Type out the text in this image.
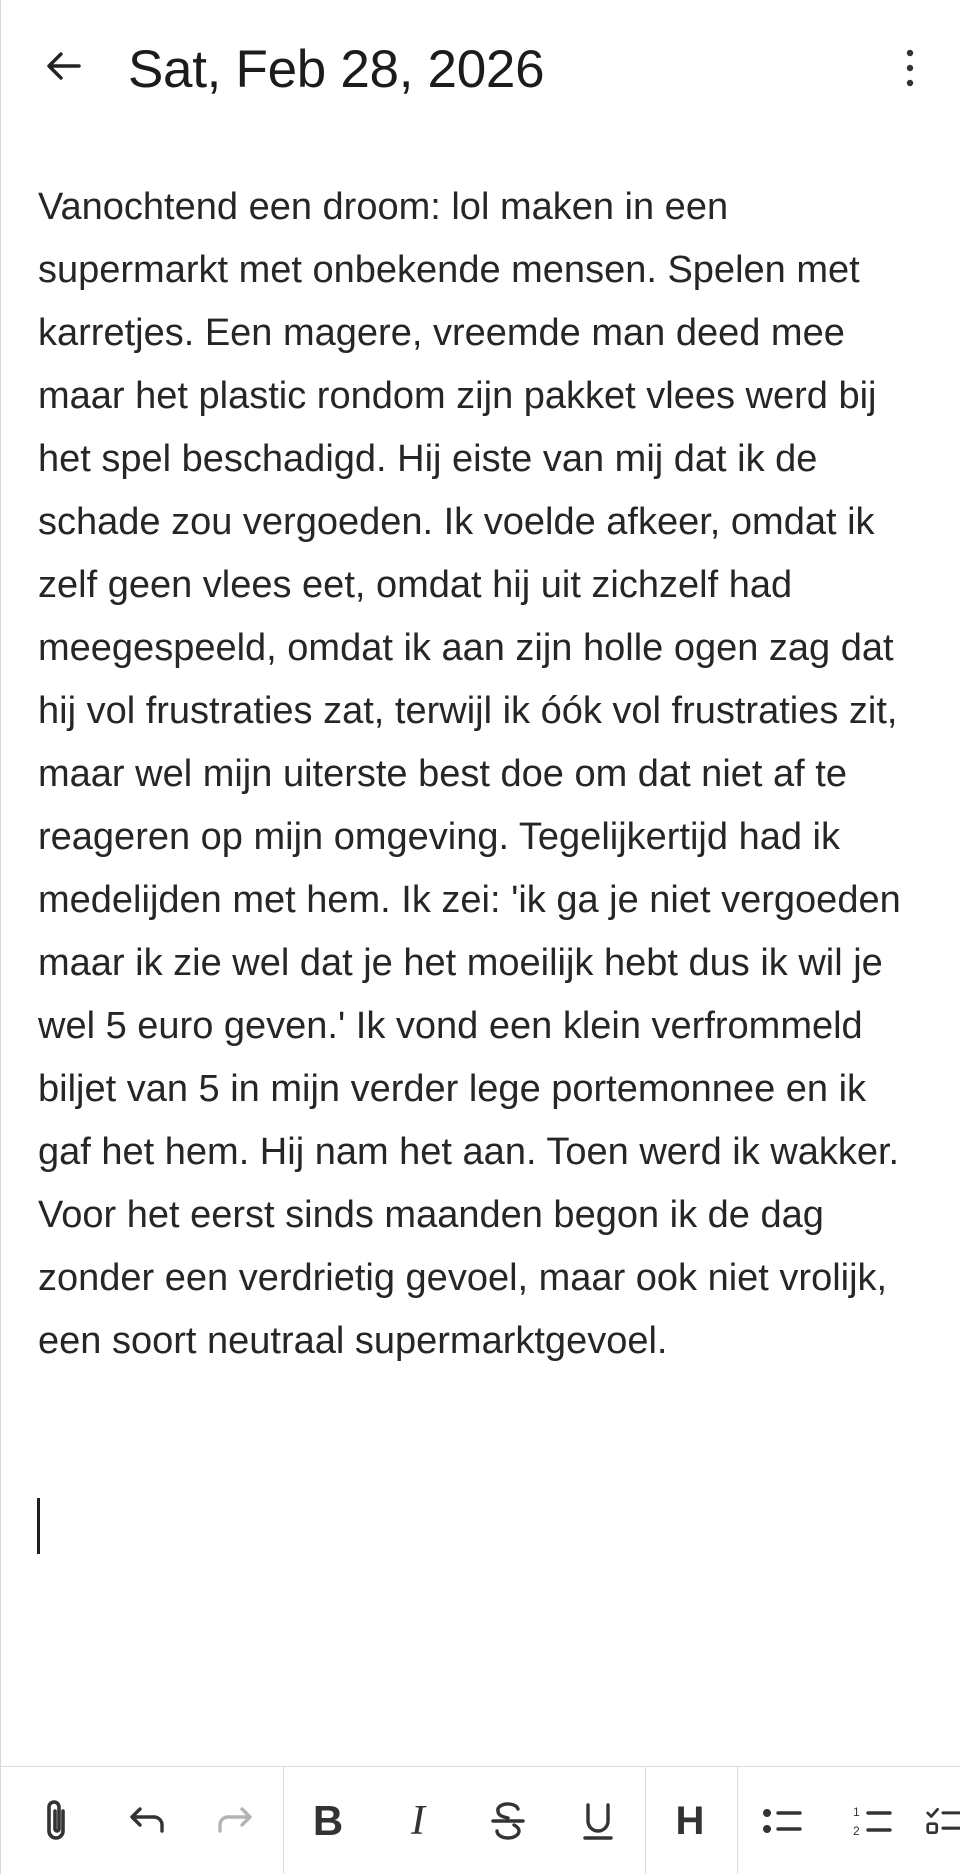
Sat, Feb 28, 2026

Vanochtend een droom: lol maken in een supermarkt met onbekende mensen. Spelen met karretjes. Een magere, vreemde man deed mee maar het plastic rondom zijn pakket vlees werd bij het spel beschadigd. Hij eiste van mij dat ik de schade zou vergoeden. Ik voelde afkeer, omdat ik zelf geen vlees eet, omdat hij uit zichzelf had meegespeeld, omdat ik aan zijn holle ogen zag dat hij vol frustraties zat, terwijl ik óók vol frustraties zit, maar wel mijn uiterste best doe om dat niet af te reageren op mijn omgeving. Tegelijkertijd had ik medelijden met hem. Ik zei: 'ik ga je niet vergoeden maar ik zie wel dat je het moeilijk hebt dus ik wil je wel 5 euro geven.' Ik vond een klein verfrommeld biljet van 5 in mijn verder lege portemonnee en ik gaf het hem. Hij nam het aan. Toen werd ik wakker. Voor het eerst sinds maanden begon ik de dag zonder een verdrietig gevoel, maar ook niet vrolijk, een soort neutraal supermarktgevoel.

B I	H	1
2
